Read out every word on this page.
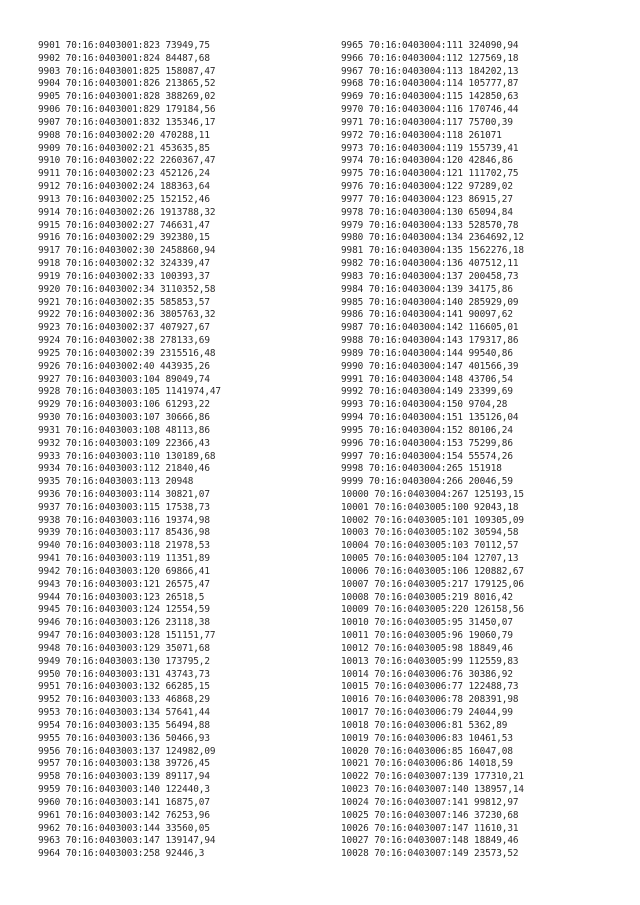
9901 70:16:0403001:823 73949,75
9902 70:16:0403001:824 84487,68
9903 70:16:0403001:825 158087,47
9904 70:16:0403001:826 213865,52
9905 70:16:0403001:828 388269,02
9906 70:16:0403001:829 179184,56
9907 70:16:0403001:832 135346,17
9908 70:16:0403002:20 470288,11
9909 70:16:0403002:21 453635,85
9910 70:16:0403002:22 2260367,47
9911 70:16:0403002:23 452126,24
9912 70:16:0403002:24 188363,64
9913 70:16:0403002:25 152152,46
9914 70:16:0403002:26 1913788,32
9915 70:16:0403002:27 746631,47
9916 70:16:0403002:29 392380,15
9917 70:16:0403002:30 2458860,94
9918 70:16:0403002:32 324339,47
9919 70:16:0403002:33 100393,37
9920 70:16:0403002:34 3110352,58
9921 70:16:0403002:35 585853,57
9922 70:16:0403002:36 3805763,32
9923 70:16:0403002:37 407927,67
9924 70:16:0403002:38 278133,69
9925 70:16:0403002:39 2315516,48
9926 70:16:0403002:40 443935,26
9927 70:16:0403003:104 89049,74
9928 70:16:0403003:105 1141974,47
9929 70:16:0403003:106 61293,22
9930 70:16:0403003:107 30666,86
9931 70:16:0403003:108 48113,86
9932 70:16:0403003:109 22366,43
9933 70:16:0403003:110 130189,68
9934 70:16:0403003:112 21840,46
9935 70:16:0403003:113 20948
9936 70:16:0403003:114 30821,07
9937 70:16:0403003:115 17538,73
9938 70:16:0403003:116 19374,98
9939 70:16:0403003:117 85436,98
9940 70:16:0403003:118 21978,53
9941 70:16:0403003:119 11351,89
9942 70:16:0403003:120 69866,41
9943 70:16:0403003:121 26575,47
9944 70:16:0403003:123 26518,5
9945 70:16:0403003:124 12554,59
9946 70:16:0403003:126 23118,38
9947 70:16:0403003:128 151151,77
9948 70:16:0403003:129 35071,68
9949 70:16:0403003:130 173795,2
9950 70:16:0403003:131 43743,73
9951 70:16:0403003:132 66285,15
9952 70:16:0403003:133 46868,29
9953 70:16:0403003:134 57641,44
9954 70:16:0403003:135 56494,88
9955 70:16:0403003:136 50466,93
9956 70:16:0403003:137 124982,09
9957 70:16:0403003:138 39726,45
9958 70:16:0403003:139 89117,94
9959 70:16:0403003:140 122440,3
9960 70:16:0403003:141 16875,07
9961 70:16:0403003:142 76253,96
9962 70:16:0403003:144 33560,05
9963 70:16:0403003:147 139147,94
9964 70:16:0403003:258 92446,3
9965 70:16:0403004:111 324090,94
9966 70:16:0403004:112 127569,18
9967 70:16:0403004:113 184202,13
9968 70:16:0403004:114 105777,87
9969 70:16:0403004:115 142850,63
9970 70:16:0403004:116 170746,44
9971 70:16:0403004:117 75700,39
9972 70:16:0403004:118 261071
9973 70:16:0403004:119 155739,41
9974 70:16:0403004:120 42846,86
9975 70:16:0403004:121 111702,75
9976 70:16:0403004:122 97289,02
9977 70:16:0403004:123 86915,27
9978 70:16:0403004:130 65094,84
9979 70:16:0403004:133 528570,78
9980 70:16:0403004:134 2364692,12
9981 70:16:0403004:135 1562276,18
9982 70:16:0403004:136 407512,11
9983 70:16:0403004:137 200458,73
9984 70:16:0403004:139 34175,86
9985 70:16:0403004:140 285929,09
9986 70:16:0403004:141 90097,62
9987 70:16:0403004:142 116605,01
9988 70:16:0403004:143 179317,86
9989 70:16:0403004:144 99540,86
9990 70:16:0403004:147 401566,39
9991 70:16:0403004:148 43706,54
9992 70:16:0403004:149 23399,69
9993 70:16:0403004:150 9704,28
9994 70:16:0403004:151 135126,04
9995 70:16:0403004:152 80106,24
9996 70:16:0403004:153 75299,86
9997 70:16:0403004:154 55574,26
9998 70:16:0403004:265 151918
9999 70:16:0403004:266 20046,59
10000 70:16:0403004:267 125193,15
10001 70:16:0403005:100 92043,18
10002 70:16:0403005:101 109305,09
10003 70:16:0403005:102 30594,58
10004 70:16:0403005:103 70112,57
10005 70:16:0403005:104 12707,13
10006 70:16:0403005:106 120882,67
10007 70:16:0403005:217 179125,06
10008 70:16:0403005:219 8016,42
10009 70:16:0403005:220 126158,56
10010 70:16:0403005:95 31450,07
10011 70:16:0403005:96 19060,79
10012 70:16:0403005:98 18849,46
10013 70:16:0403005:99 112559,83
10014 70:16:0403006:76 30386,92
10015 70:16:0403006:77 122488,73
10016 70:16:0403006:78 208391,98
10017 70:16:0403006:79 24044,99
10018 70:16:0403006:81 5362,89
10019 70:16:0403006:83 10461,53
10020 70:16:0403006:85 16047,08
10021 70:16:0403006:86 14018,59
10022 70:16:0403007:139 177310,21
10023 70:16:0403007:140 138957,14
10024 70:16:0403007:141 99812,97
10025 70:16:0403007:146 37230,68
10026 70:16:0403007:147 11610,31
10027 70:16:0403007:148 18849,46
10028 70:16:0403007:149 23573,52
